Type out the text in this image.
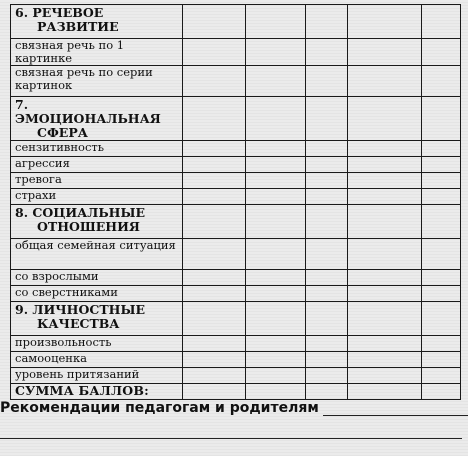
6. РЕЧЕВОЕ
РАЗВИТИЕ					

связная речь по 1 картинке					
связная речь по серии картинок					
7. ЭМОЦИОНАЛЬНАЯ
СФЕРА					

сензитивность					
агрессия					
тревога					
страхи					
8. СОЦИАЛЬНЫЕ
ОТНОШЕНИЯ					

общая семейная ситуация					
со взрослыми					
со сверстниками					
9. ЛИЧНОСТНЫЕ
КАЧЕСТВА					

произвольность					
самооценка					
уровень притязаний					
СУММА БАЛЛОВ:					
Рекомендации педагогам и родителям
